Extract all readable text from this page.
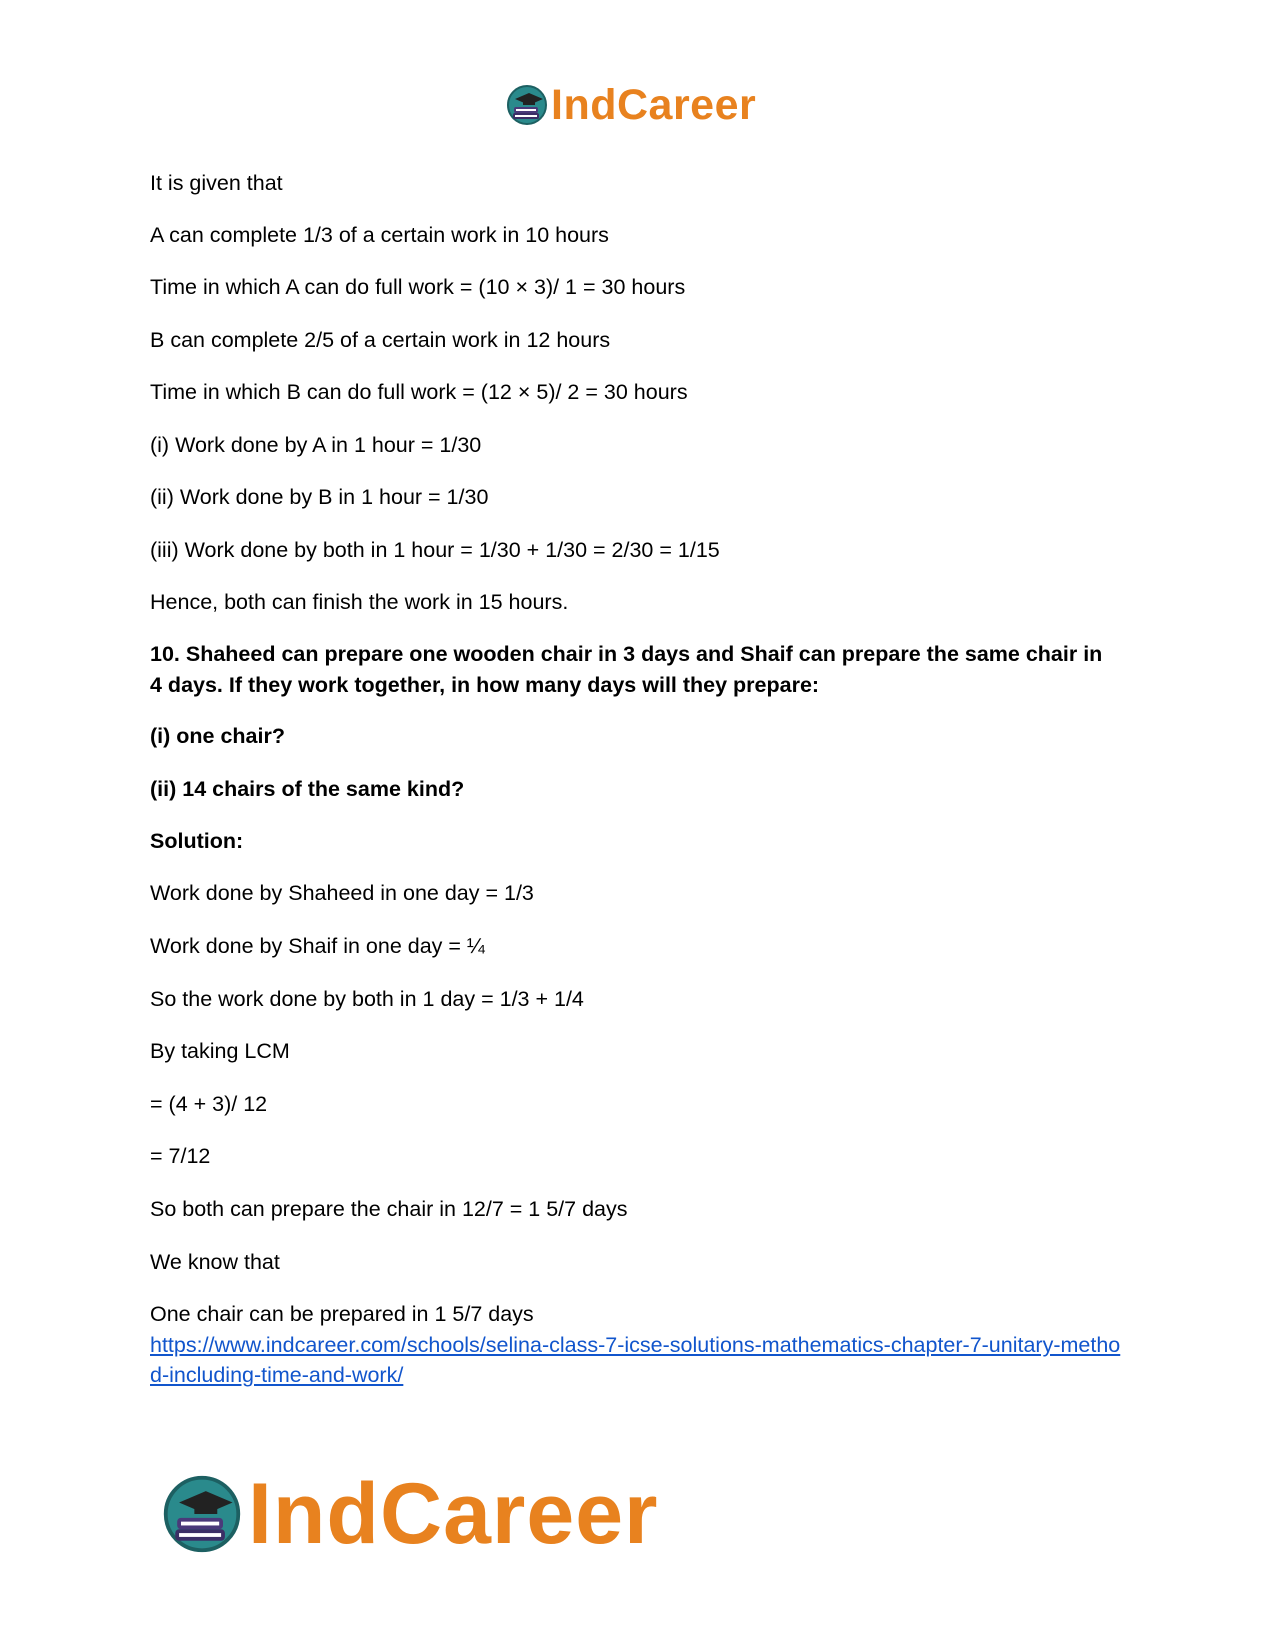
IndCareer
It is given that
A can complete 1/3 of a certain work in 10 hours
Time in which A can do full work = (10 × 3)/ 1 = 30 hours
B can complete 2/5 of a certain work in 12 hours
Time in which B can do full work = (12 × 5)/ 2 = 30 hours
(i) Work done by A in 1 hour = 1/30
(ii) Work done by B in 1 hour = 1/30
(iii) Work done by both in 1 hour = 1/30 + 1/30 = 2/30 = 1/15
Hence, both can finish the work in 15 hours.
10. Shaheed can prepare one wooden chair in 3 days and Shaif can prepare the same chair in 4 days. If they work together, in how many days will they prepare:
(i) one chair?
(ii) 14 chairs of the same kind?
Solution:
Work done by Shaheed in one day = 1/3
Work done by Shaif in one day = ¼
So the work done by both in 1 day = 1/3 + 1/4
By taking LCM
= (4 + 3)/ 12
= 7/12
So both can prepare the chair in 12/7 = 1 5/7 days
We know that
One chair can be prepared in 1 5/7 days
https://www.indcareer.com/schools/selina-class-7-icse-solutions-mathematics-chapter-7-unitary-method-including-time-and-work/
IndCareer
